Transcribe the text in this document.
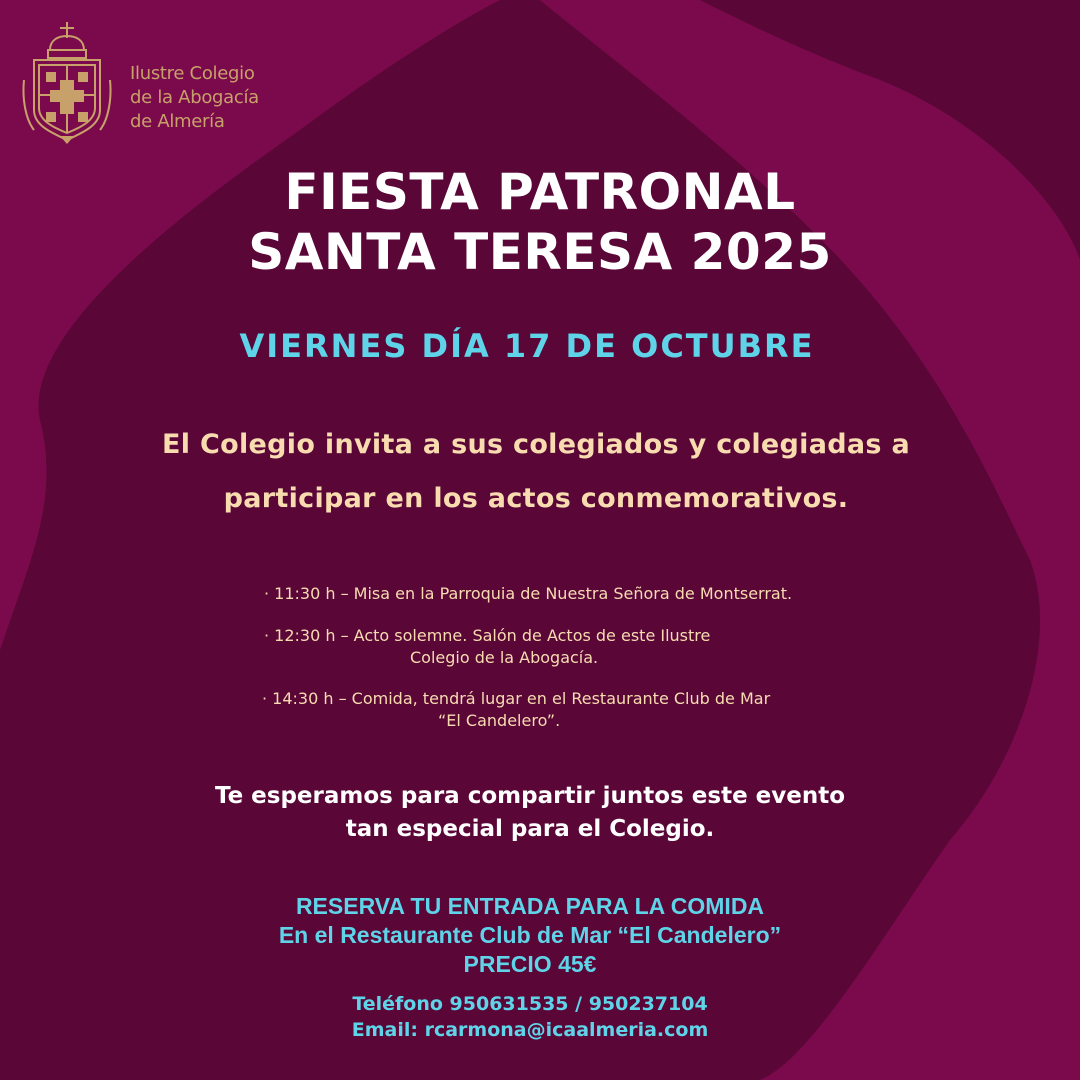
Ilustre Colegio
de la Abogacía
de Almería
FIESTA PATRONAL
SANTA TERESA 2025
VIERNES DÍA 17 DE OCTUBRE
El Colegio invita a sus colegiados y colegiadas a
participar en los actos conmemorativos.
· 11:30 h – Misa en la Parroquia de Nuestra Señora de Montserrat.
· 12:30 h – Acto solemne. Salón de Actos de este Ilustre
Colegio de la Abogacía.
· 14:30 h – Comida, tendrá lugar en el Restaurante Club de Mar
“El Candelero”.
Te esperamos para compartir juntos este evento
tan especial para el Colegio.
RESERVA TU ENTRADA PARA LA COMIDA
En el Restaurante Club de Mar “El Candelero”
PRECIO 45€
Teléfono 950631535 / 950237104
Email: rcarmona@icaalmeria.com
